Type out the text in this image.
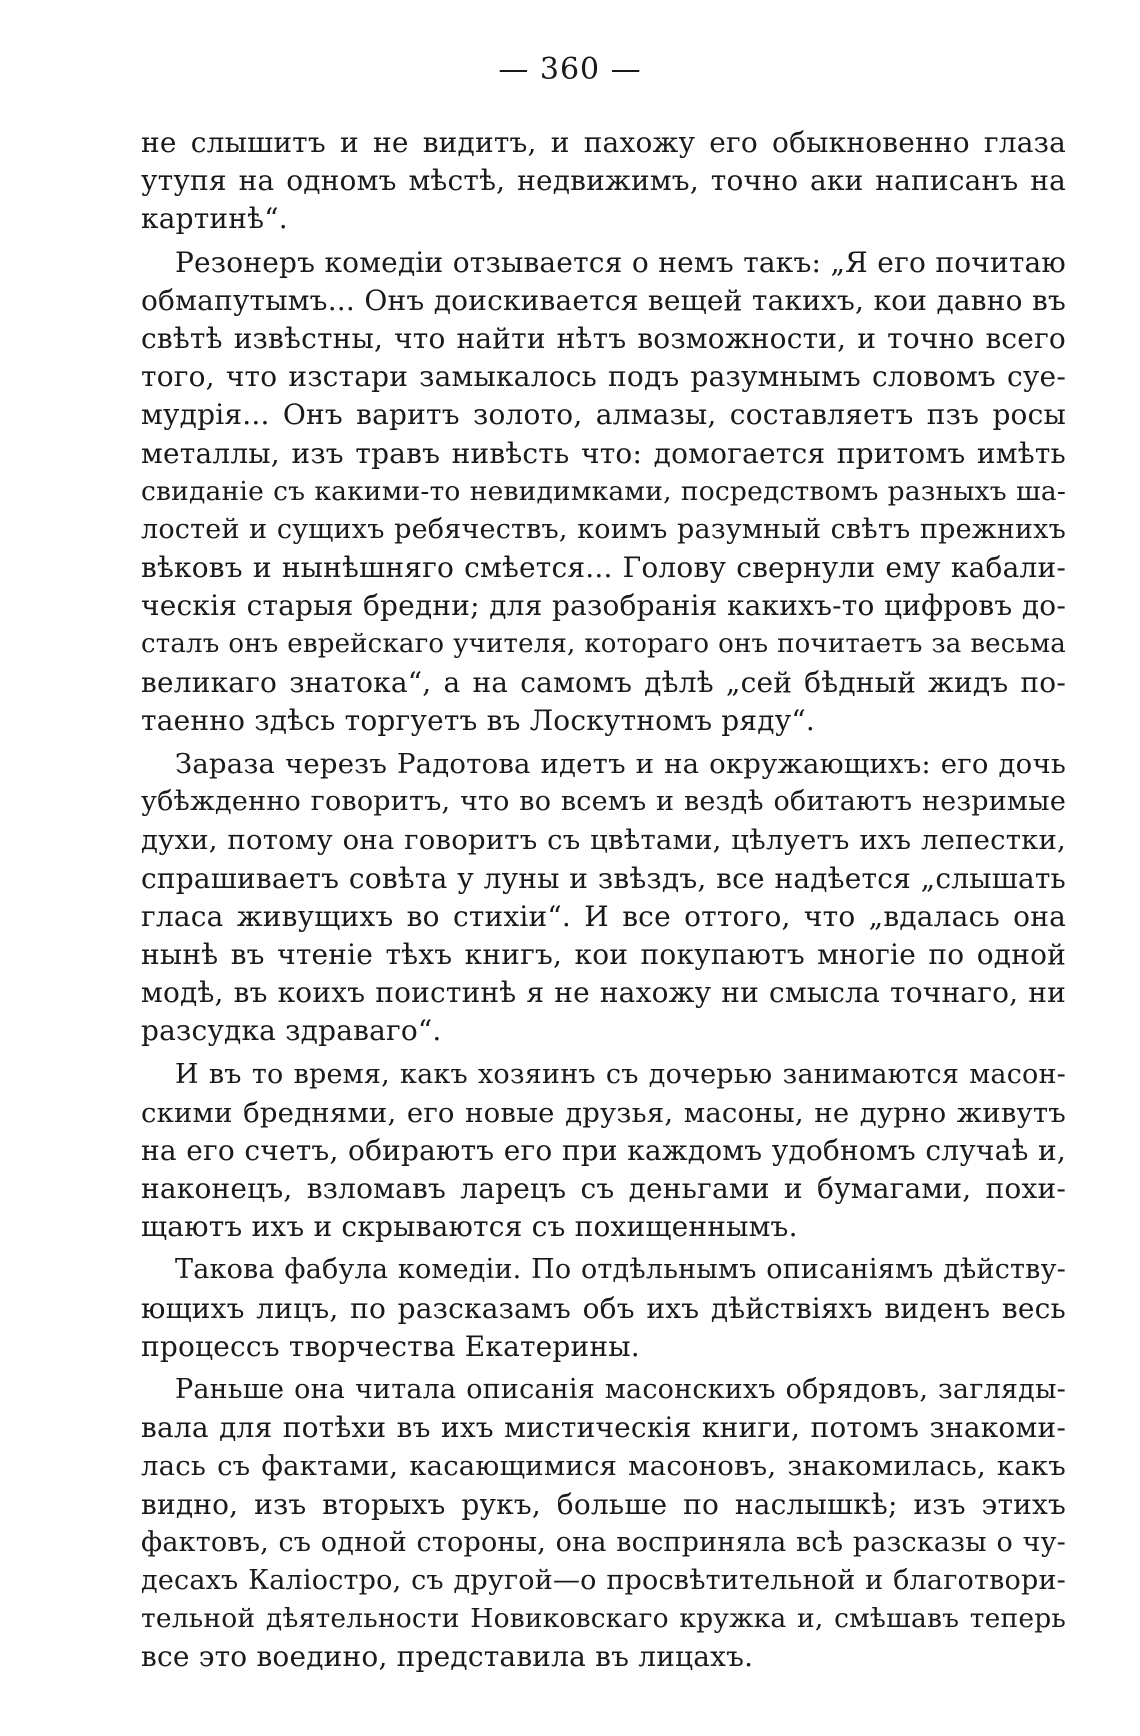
— 360 —
не слышитъ и не видитъ, и пахожу его обыкновенно глаза
утупя на одномъ мѣстѣ, недвижимъ, точно аки написанъ на
картинѣ“.
Резонеръ комедiи отзывается о немъ такъ: „Я его почитаю
обмапутымъ... Онъ доискивается вещей такихъ, кои давно въ
свѣтѣ извѣстны, что найти нѣтъ возможности, и точно всего
того, что изстари замыкалось подъ разумнымъ словомъ суе-
мудрiя... Онъ варитъ золото, алмазы, составляетъ пзъ росы
металлы, изъ травъ нивѣсть что: домогается притомъ имѣть
свиданiе съ какими-то невидимками, посредствомъ разныхъ ша-
лостей и сущихъ ребячествъ, коимъ разумный свѣтъ прежнихъ
вѣковъ и нынѣшняго смѣется... Голову свернули ему кабали-
ческiя старыя бредни; для разобранiя какихъ-то цифровъ до-
сталъ онъ еврейскаго учителя, котораго онъ почитаетъ за весьма
великаго знатока“, а на самомъ дѣлѣ „сей бѣдный жидъ по-
таенно здѣсь торгуетъ въ Лоскутномъ ряду“.
Зараза черезъ Радотова идетъ и на окружающихъ: его дочь
убѣжденно говоритъ, что во всемъ и вездѣ обитаютъ незримые
духи, потому она говоритъ съ цвѣтами, цѣлуетъ ихъ лепестки,
спрашиваетъ совѣта у луны и звѣздъ, все надѣется „слышать
гласа живущихъ во стихiи“. И все оттого, что „вдалась она
нынѣ въ чтенiе тѣхъ книгъ, кои покупаютъ многiе по одной
модѣ, въ коихъ поистинѣ я не нахожу ни смысла точнаго, ни
разсудка здраваго“.
И въ то время, какъ хозяинъ съ дочерью занимаются масон-
скими бреднями, его новые друзья, масоны, не дурно живутъ
на его счетъ, обираютъ его при каждомъ удобномъ случаѣ и,
наконецъ, взломавъ ларецъ съ деньгами и бумагами, похи-
щаютъ ихъ и скрываются съ похищеннымъ.
Такова фабула комедiи. По отдѣльнымъ описанiямъ дѣйству-
ющихъ лицъ, по разсказамъ объ ихъ дѣйствiяхъ виденъ весь
процессъ творчества Екатерины.
Раньше она читала описанiя масонскихъ обрядовъ, загляды-
вала для потѣхи въ ихъ мистическiя книги, потомъ знакоми-
лась съ фактами, касающимися масоновъ, знакомилась, какъ
видно, изъ вторыхъ рукъ, больше по наслышкѣ; изъ этихъ
фактовъ, съ одной стороны, она восприняла всѣ разсказы о чу-
десахъ Калiостро, съ другой—о просвѣтительной и благотвори-
тельной дѣятельности Новиковскаго кружка и, смѣшавъ теперь
все это воедино, представила въ лицахъ.
